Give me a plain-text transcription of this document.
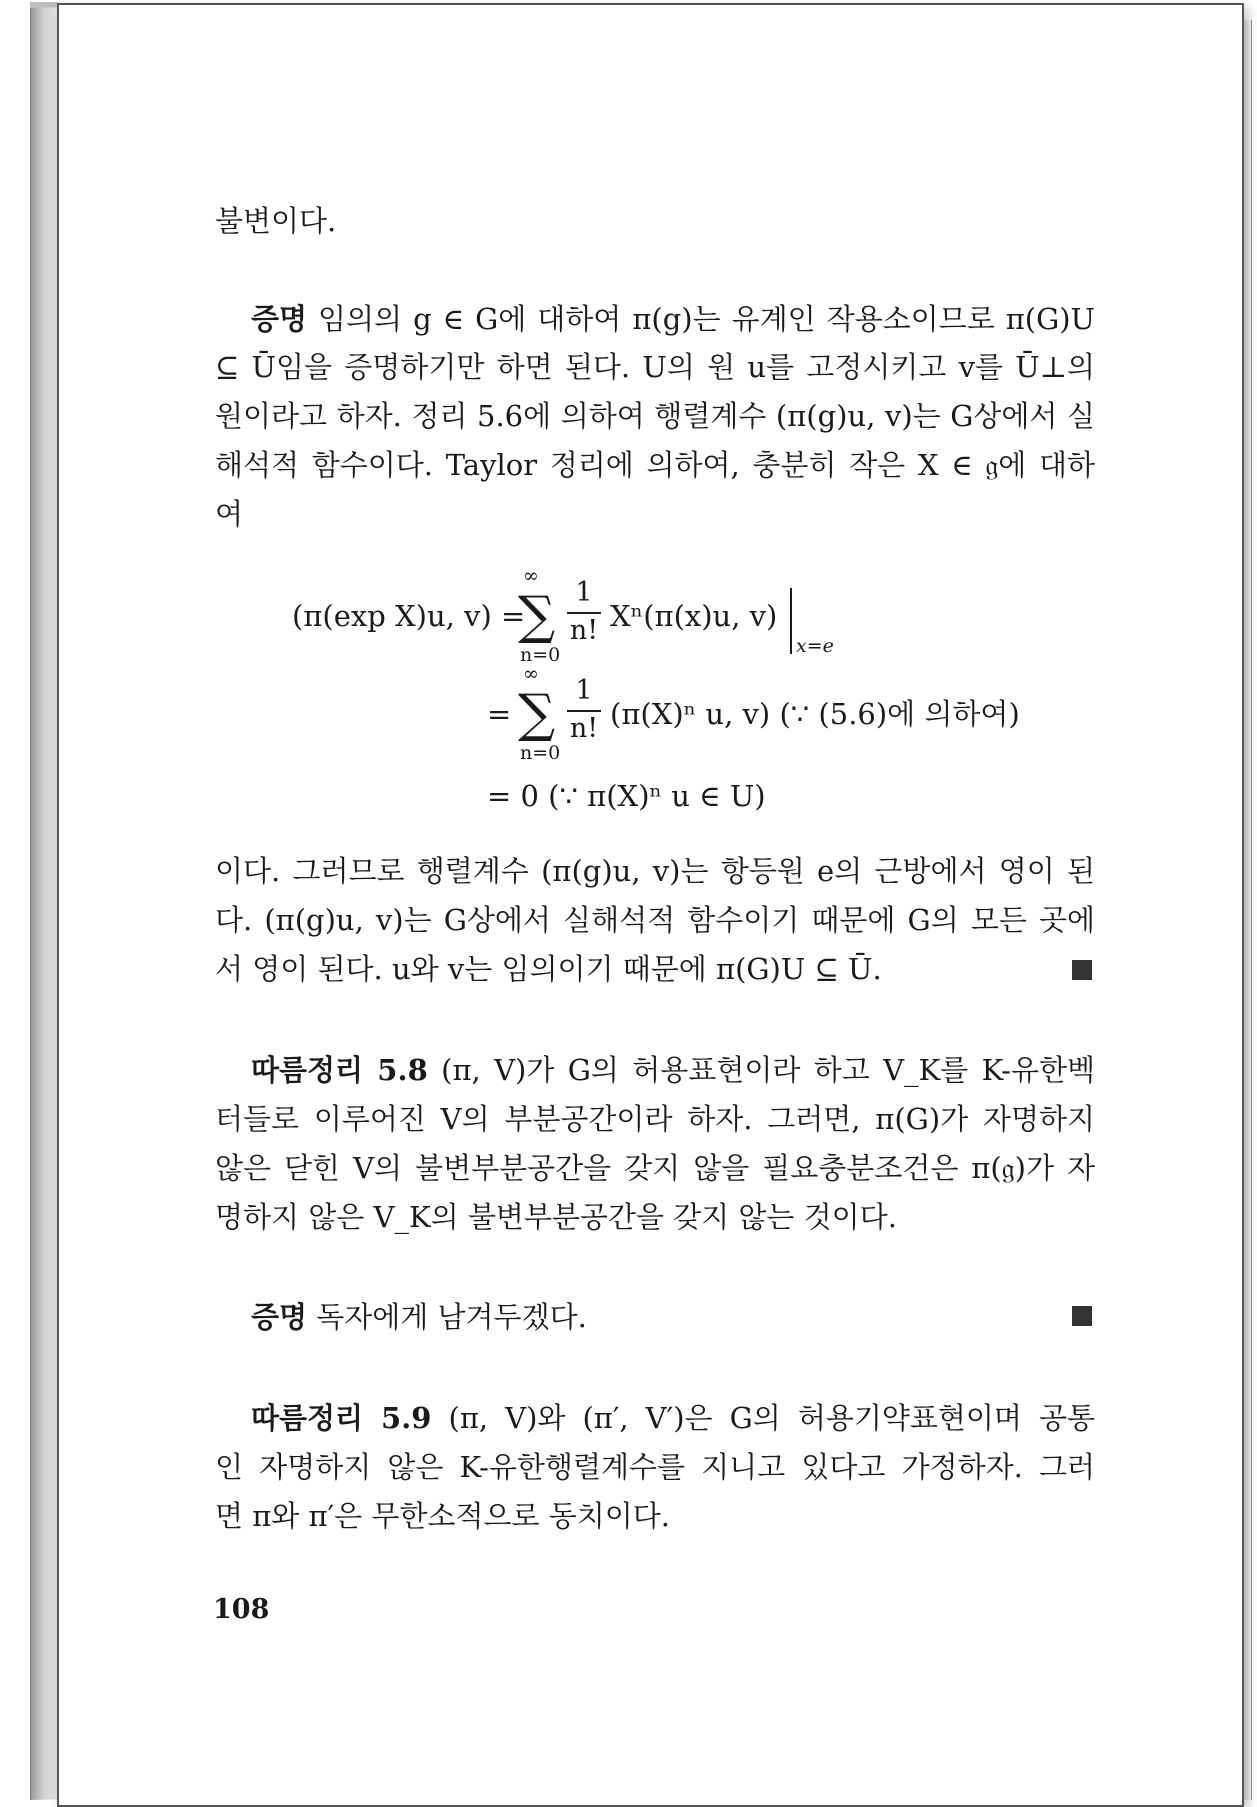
불변이다.
증명 임의의 g ∈ G에 대하여 π(g)는 유계인 작용소이므로 π(G)U
⊆ Ū임을 증명하기만 하면 된다. U의 원 u를 고정시키고 v를 Ū⊥의
원이라고 하자. 정리 5.6에 의하여 행렬계수 (π(g)u, v)는 G상에서 실
해석적 함수이다. Taylor 정리에 의하여, 충분히 작은 X ∈ 𝔤에 대하
여
(π(exp X)u, v) =
∞
∑
n=0
1
n! Xⁿ(π(x)u, v)
x=e
=
∞
∑
n=0
1
n! (π(X)ⁿ u, v) (∵ (5.6)에 의하여)
= 0 (∵ π(X)ⁿ u ∈ U)
이다. 그러므로 행렬계수 (π(g)u, v)는 항등원 e의 근방에서 영이 된
다. (π(g)u, v)는 G상에서 실해석적 함수이기 때문에 G의 모든 곳에
서 영이 된다. u와 v는 임의이기 때문에 π(G)U ⊆ Ū.
따름정리 5.8 (π, V)가 G의 허용표현이라 하고 V_K를 K-유한벡
터들로 이루어진 V의 부분공간이라 하자. 그러면, π(G)가 자명하지
않은 닫힌 V의 불변부분공간을 갖지 않을 필요충분조건은 π(𝔤)가 자
명하지 않은 V_K의 불변부분공간을 갖지 않는 것이다.
증명 독자에게 남겨두겠다.
따름정리 5.9 (π, V)와 (π′, V′)은 G의 허용기약표현이며 공통
인 자명하지 않은 K-유한행렬계수를 지니고 있다고 가정하자. 그러
면 π와 π′은 무한소적으로 동치이다.
108
